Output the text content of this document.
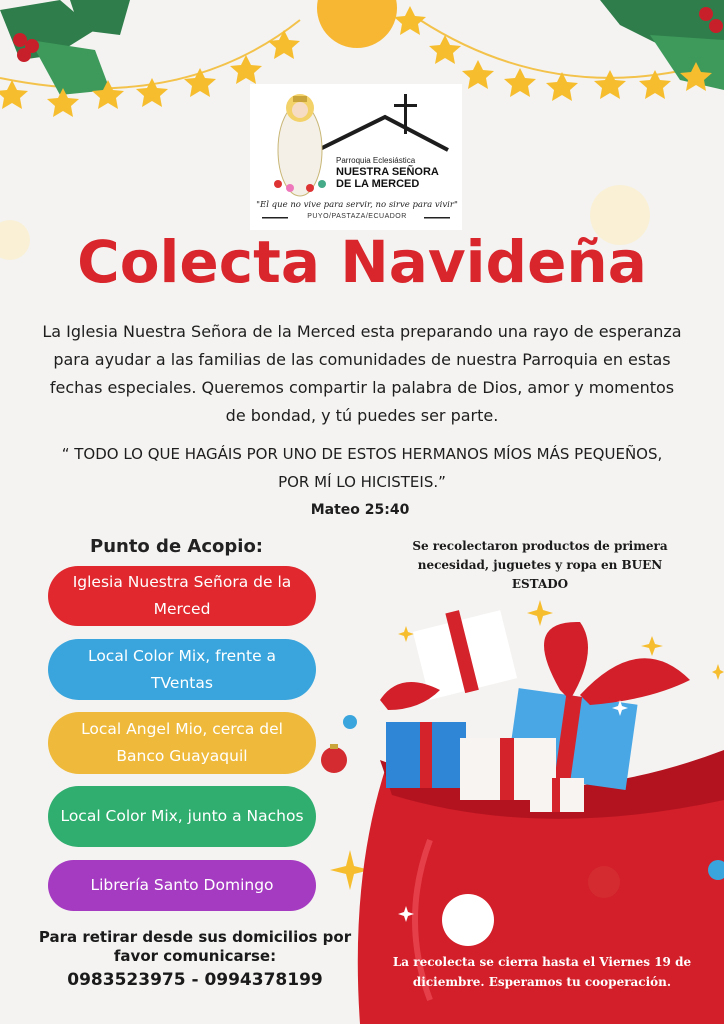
Parroquia Eclesiástica
NUESTRA SEÑORA DE LA MERCED
"El que no vive para servir, no sirve para vivir"
PUYO/PASTAZA/ECUADOR
Colecta Navideña
La Iglesia Nuestra Señora de la Merced esta preparando una rayo de esperanza para ayudar a las familias de las comunidades de nuestra Parroquia en estas fechas especiales. Queremos compartir la palabra de Dios, amor y momentos de bondad, y tú puedes ser parte.
“ TODO LO QUE HAGÁIS POR UNO DE ESTOS HERMANOS MÍOS MÁS PEQUEÑOS, POR MÍ LO HICISTEIS.”
Mateo 25:40
Punto de Acopio:
Iglesia Nuestra Señora de la Merced
Local Color Mix, frente a TVentas
Local Angel Mio, cerca del Banco Guayaquil
Local Color Mix, junto a Nachos
Librería Santo Domingo
Se recolectaron productos de primera necesidad, juguetes y ropa en BUEN ESTADO
Para retirar desde sus domicilios por favor comunicarse:
0983523975 - 0994378199
La recolecta se cierra hasta el Viernes 19 de diciembre. Esperamos tu cooperación.
